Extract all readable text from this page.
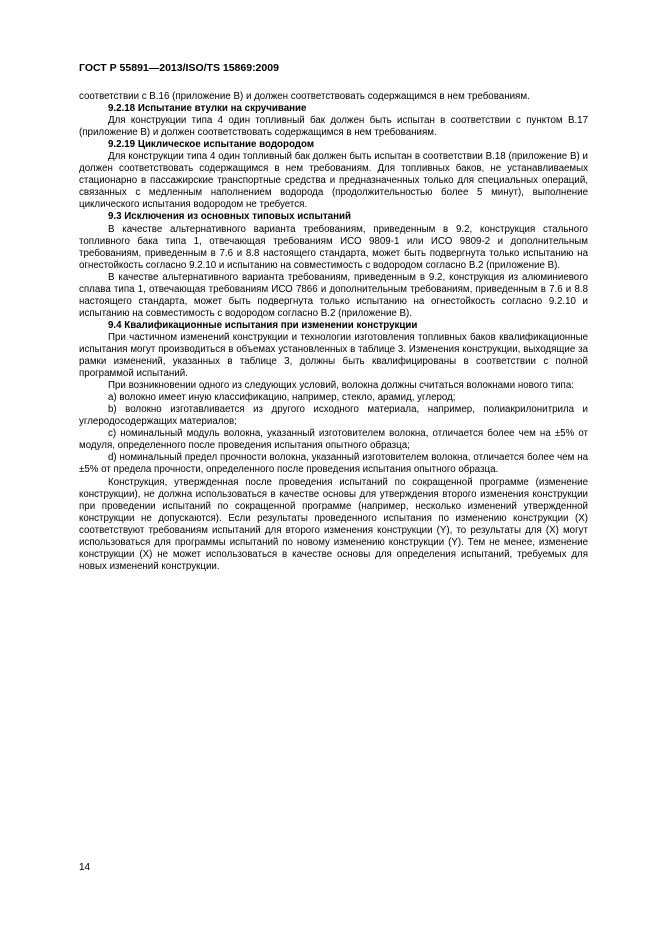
ГОСТ Р 55891—2013/ISO/TS 15869:2009

соответствии с В.16 (приложение В) и должен соответствовать содержащимся в нем требованиям.

9.2.18 Испытание втулки на скручивание

Для конструкции типа 4 один топливный бак должен быть испытан в соответствии с пунктом В.17 (приложение В) и должен соответствовать содержащимся в нем требованиям.

9.2.19 Циклическое испытание водородом

Для конструкции типа 4 один топливный бак должен быть испытан в соответствии В.18 (приложение В) и должен соответствовать содержащимся в нем требованиям. Для топливных баков, не устанавливаемых стационарно в пассажирские транспортные средства и предназначенных только для специальных операций, связанных с медленным наполнением водорода (продолжительностью более 5 минут), выполнение циклического испытания водородом не требуется.

9.3 Исключения из основных типовых испытаний

В качестве альтернативного варианта требованиям, приведенным в 9.2, конструкция стального топливного бака типа 1, отвечающая требованиям ИСО 9809-1 или ИСО 9809-2 и дополнительным требованиям, приведенным в 7.6 и 8.8 настоящего стандарта, может быть подвергнута только испытанию на огнестойкость согласно 9.2.10 и испытанию на совместимость с водородом согласно В.2 (приложение В).

В качестве альтернативного варианта требованиям, приведенным в 9.2, конструкция из алюминиевого сплава типа 1, отвечающая требованиям ИСО 7866 и дополнительным требованиям, приведенным в 7.6 и 8.8 настоящего стандарта, может быть подвергнута только испытанию на огнестойкость согласно 9.2.10 и испытанию на совместимость с водородом согласно В.2 (приложение В).

9.4 Квалификационные испытания при изменении конструкции

При частичном изменений конструкции и технологии изготовления топливных баков квалификационные испытания могут производиться в объемах установленных в таблице 3. Изменения конструкции, выходящие за рамки изменений, указанных в таблице 3, должны быть квалифицированы в соответствии с полной программой испытаний.

При возникновении одного из следующих условий, волокна должны считаться волокнами нового типа:

a) волокно имеет иную классификацию, например, стекло, арамид, углерод;

b) волокно изготавливается из другого исходного материала, например, полиакрилонитрила и углеродосодержащих материалов;

c) номинальный модуль волокна, указанный изготовителем волокна, отличается более чем на ±5% от модуля, определенного после проведения испытания опытного образца;

d) номинальный предел прочности волокна, указанный изготовителем волокна, отличается более чем на ±5% от предела прочности, определенного после проведения испытания опытного образца.

Конструкция, утвержденная после проведения испытаний по сокращенной программе (изменение конструкции), не должна использоваться в качестве основы для утверждения второго изменения конструкции при проведении испытаний по сокращенной программе (например, несколько изменений утвержденной конструкции не допускаются). Если результаты проведенного испытания по изменению конструкции (X) соответствуют требованиям испытаний для второго изменения конструкции (Y), то результаты для (X) могут использоваться для программы испытаний по новому изменению конструкции (Y). Тем не менее, изменение конструкции (X) не может использоваться в качестве основы для определения испытаний, требуемых для новых изменений конструкции.

14
